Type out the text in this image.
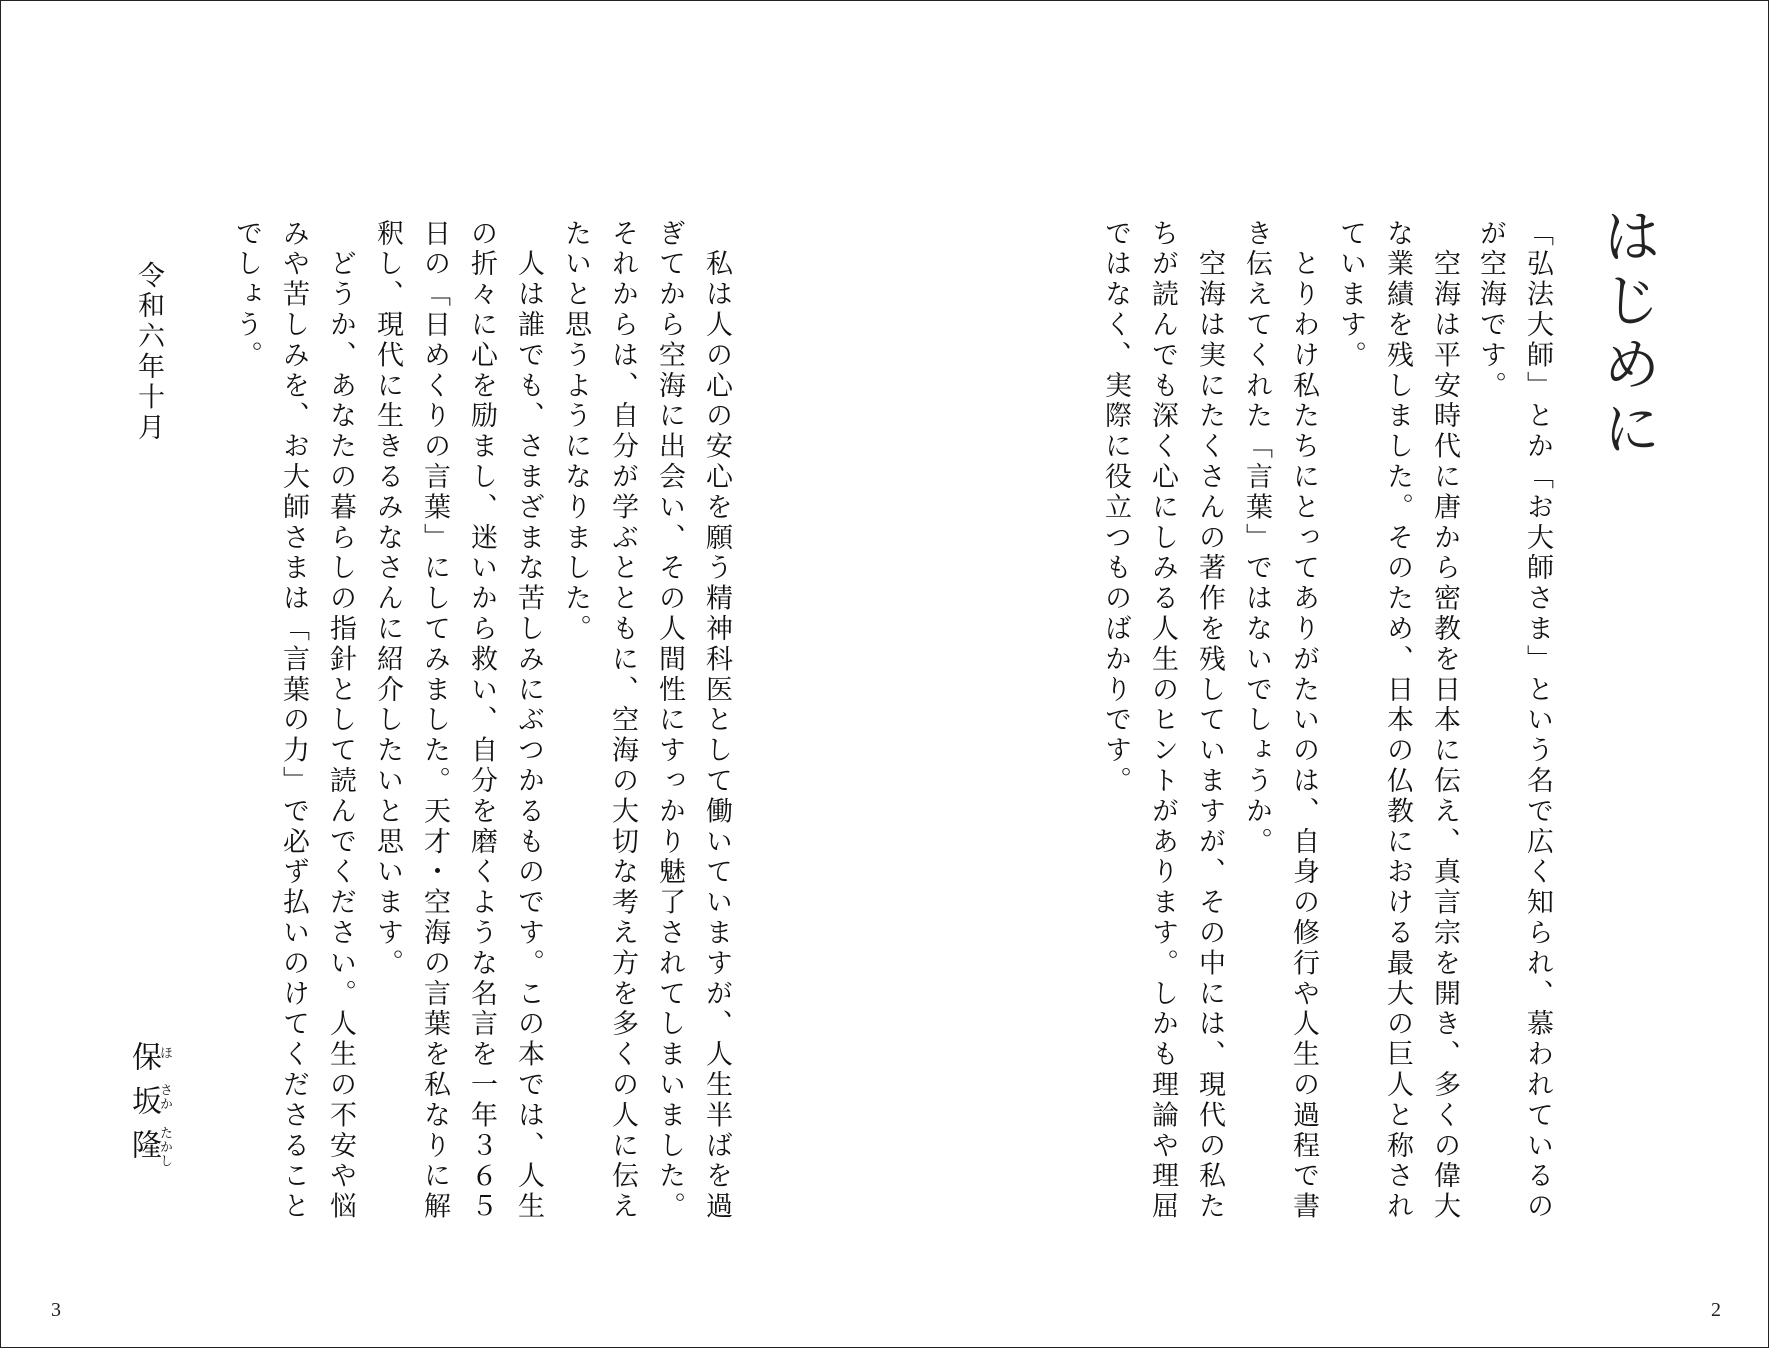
はじめに
「弘法大師」とか「お大師さま」という名で広く知られ、慕われているの
が空海です。
　空海は平安時代に唐から密教を日本に伝え、真言宗を開き、多くの偉大
な業績を残しました。そのため、日本の仏教における最大の巨人と称され
ています。
　とりわけ私たちにとってありがたいのは、自身の修行や人生の過程で書
き伝えてくれた「言葉」ではないでしょうか。
　空海は実にたくさんの著作を残していますが、その中には、現代の私た
ちが読んでも深く心にしみる人生のヒントがあります。しかも理論や理屈
ではなく、実際に役立つものばかりです。
　私は人の心の安心を願う精神科医として働いていますが、人生半ばを過
ぎてから空海に出会い、その人間性にすっかり魅了されてしまいました。
それからは、自分が学ぶとともに、空海の大切な考え方を多くの人に伝え
たいと思うようになりました。
　人は誰でも、さまざまな苦しみにぶつかるものです。この本では、人生
の折々に心を励まし、迷いから救い、自分を磨くような名言を一年３６５
日の「日めくりの言葉」にしてみました。天才・空海の言葉を私なりに解
釈し、現代に生きるみなさんに紹介したいと思います。
　どうか、あなたの暮らしの指針として読んでください。人生の不安や悩
みや苦しみを、お大師さまは「言葉の力」で必ず払いのけてくださること
でしょう。
令和六年十月
保坂隆
ほ
さか
たかし
3	2
